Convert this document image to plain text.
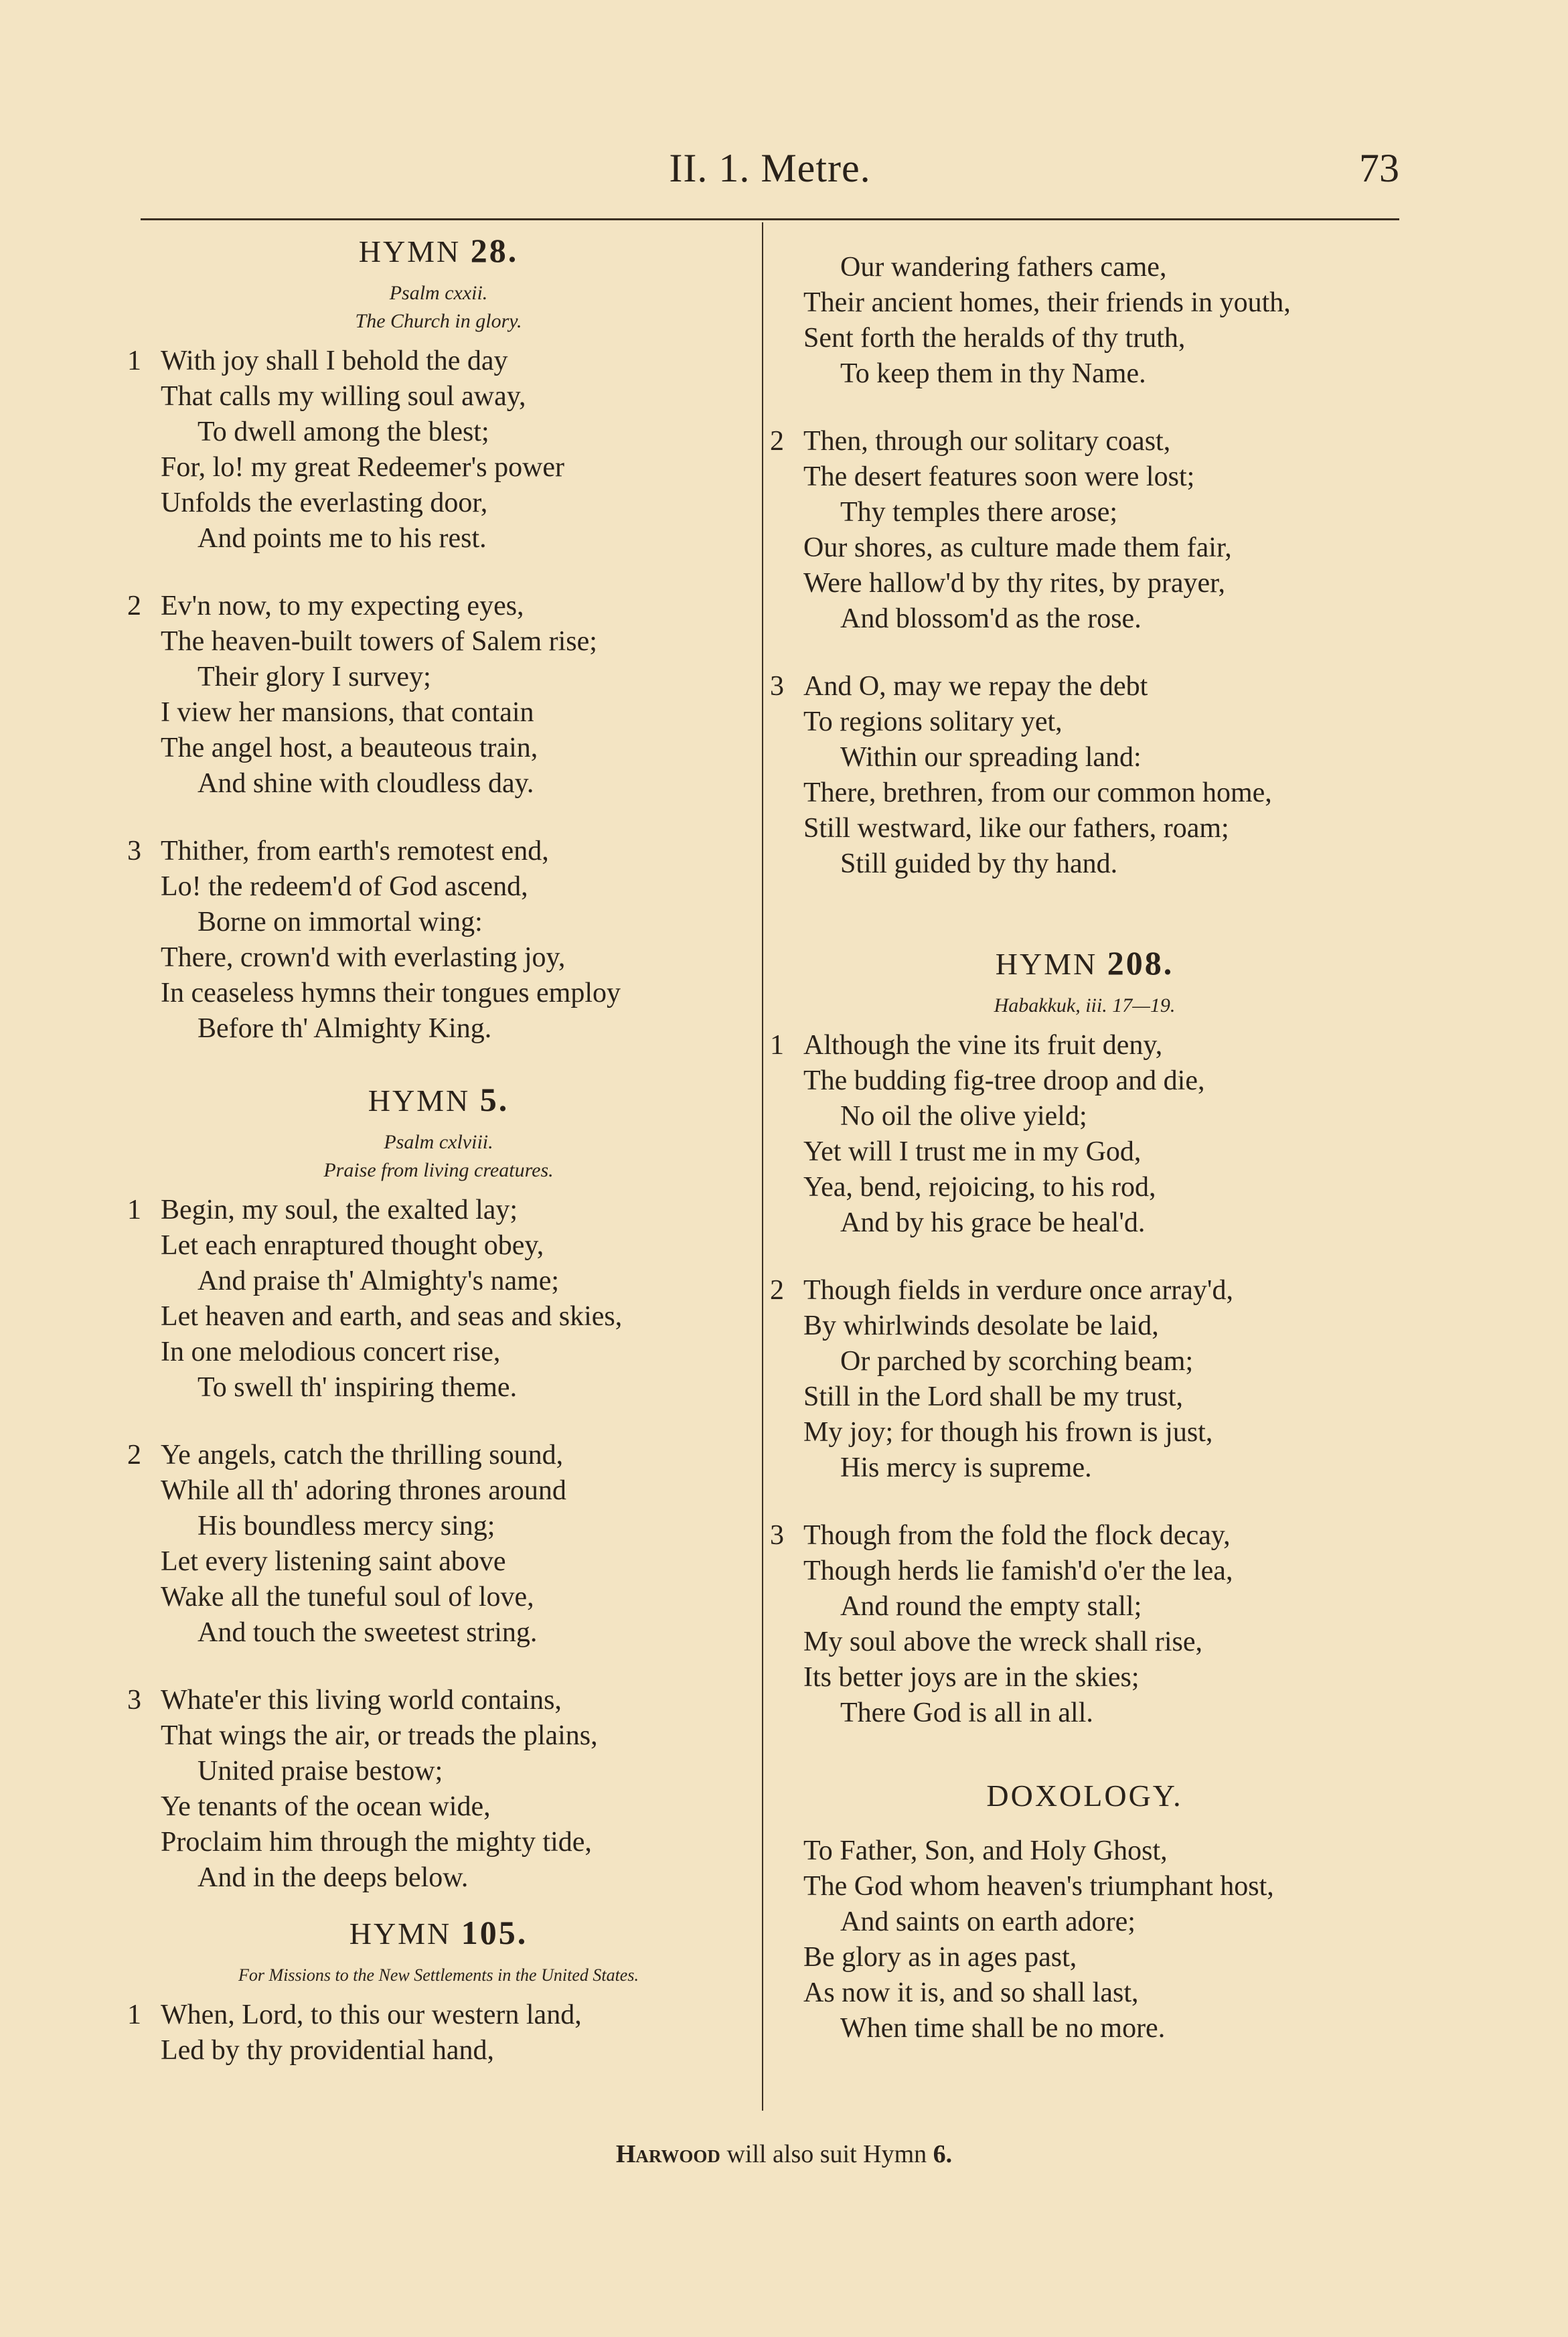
II. 1. Metre.	73
HYMN 28.
Psalm cxxii.
The Church in glory.
1 With joy shall I behold the day
That calls my willing soul away,
To dwell among the blest;
For, lo! my great Redeemer's power
Unfolds the everlasting door,
And points me to his rest.
2 Ev'n now, to my expecting eyes,
The heaven-built towers of Salem rise;
Their glory I survey;
I view her mansions, that contain
The angel host, a beauteous train,
And shine with cloudless day.
3 Thither, from earth's remotest end,
Lo! the redeem'd of God ascend,
Borne on immortal wing:
There, crown'd with everlasting joy,
In ceaseless hymns their tongues employ
Before th' Almighty King.
HYMN 5.
Psalm cxlviii.
Praise from living creatures.
1 Begin, my soul, the exalted lay;
Let each enraptured thought obey,
And praise th' Almighty's name;
Let heaven and earth, and seas and skies,
In one melodious concert rise,
To swell th' inspiring theme.
2 Ye angels, catch the thrilling sound,
While all th' adoring thrones around
His boundless mercy sing;
Let every listening saint above
Wake all the tuneful soul of love,
And touch the sweetest string.
3 Whate'er this living world contains,
That wings the air, or treads the plains,
United praise bestow;
Ye tenants of the ocean wide,
Proclaim him through the mighty tide,
And in the deeps below.
HYMN 105.
For Missions to the New Settlements in the United States.
1 When, Lord, to this our western land,
Led by thy providential hand,
Our wandering fathers came,
Their ancient homes, their friends in youth,
Sent forth the heralds of thy truth,
To keep them in thy Name.
2 Then, through our solitary coast,
The desert features soon were lost;
Thy temples there arose;
Our shores, as culture made them fair,
Were hallow'd by thy rites, by prayer,
And blossom'd as the rose.
3 And O, may we repay the debt
To regions solitary yet,
Within our spreading land:
There, brethren, from our common home,
Still westward, like our fathers, roam;
Still guided by thy hand.
HYMN 208.
Habakkuk, iii. 17—19.
1 Although the vine its fruit deny,
The budding fig-tree droop and die,
No oil the olive yield;
Yet will I trust me in my God,
Yea, bend, rejoicing, to his rod,
And by his grace be heal'd.
2 Though fields in verdure once array'd,
By whirlwinds desolate be laid,
Or parched by scorching beam;
Still in the Lord shall be my trust,
My joy; for though his frown is just,
His mercy is supreme.
3 Though from the fold the flock decay,
Though herds lie famish'd o'er the lea,
And round the empty stall;
My soul above the wreck shall rise,
Its better joys are in the skies;
There God is all in all.
DOXOLOGY.
To Father, Son, and Holy Ghost,
The God whom heaven's triumphant host,
And saints on earth adore;
Be glory as in ages past,
As now it is, and so shall last,
When time shall be no more.
Harwood will also suit Hymn 6.
